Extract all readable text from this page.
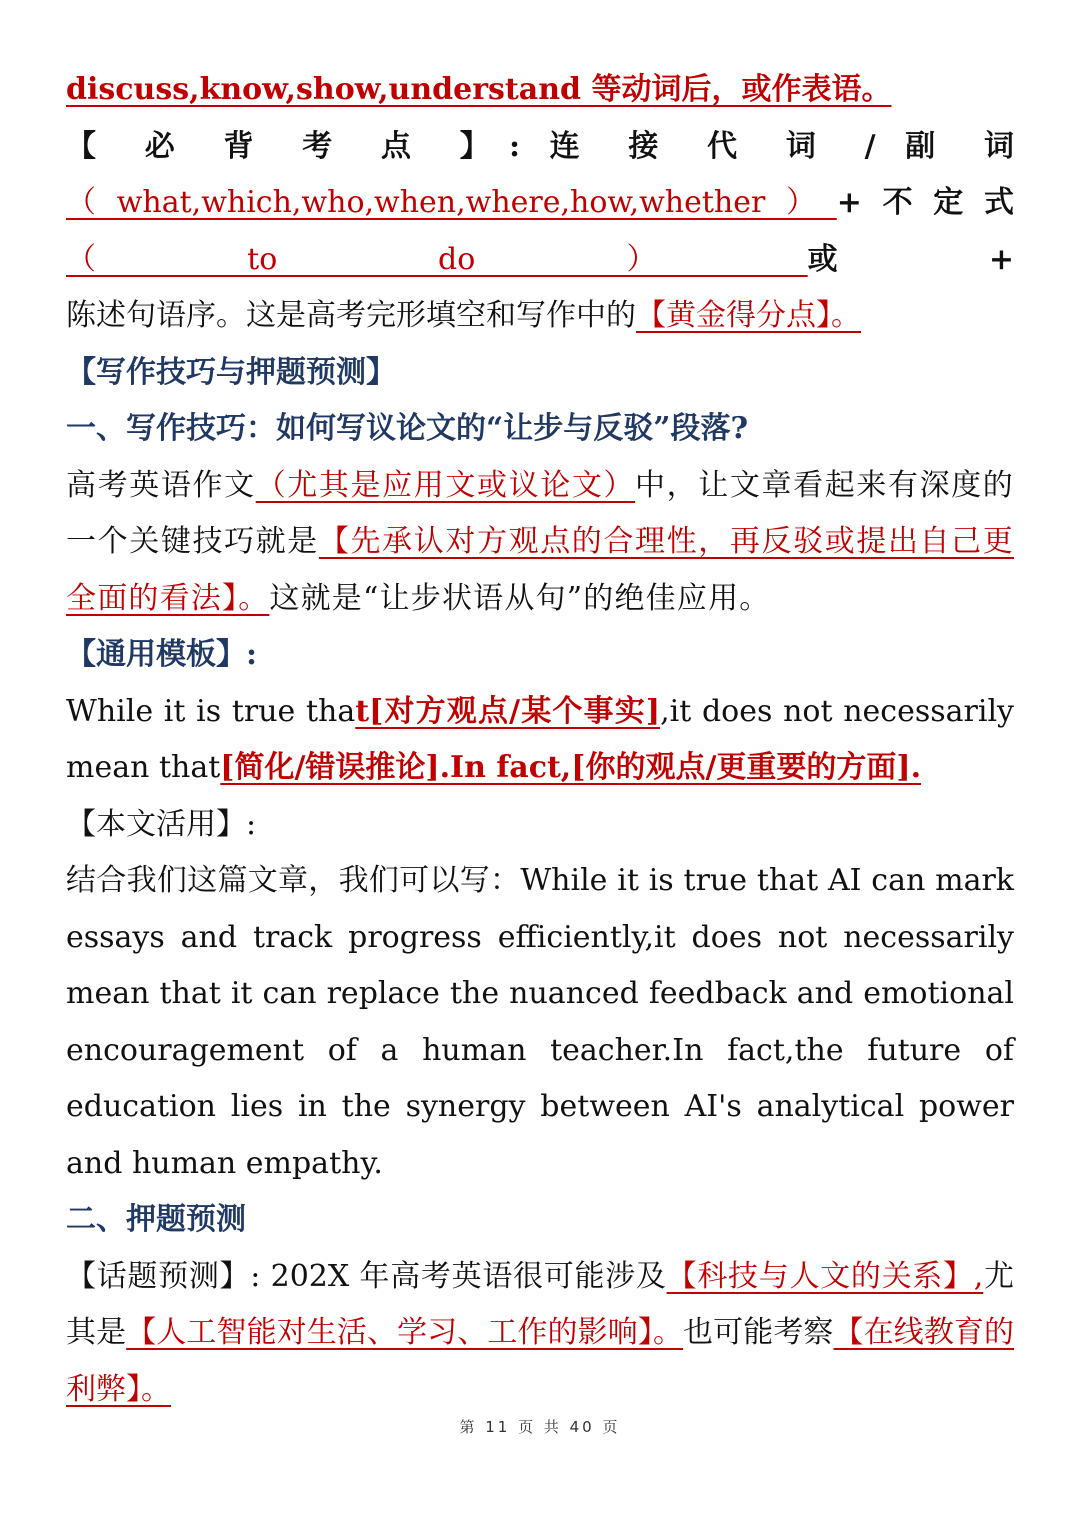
discuss,know,show,understand 等动词后，或作表语。

【 必 背 考 点 】: 连 接 代 词 / 副 词

（what,which,who,when,where,how,whether）+不定式（to do）或+

陈述句语序。这是高考完形填空和写作中的【黄金得分点】。

【写作技巧与押题预测】

一、写作技巧：如何写议论文的“让步与反驳”段落?

高考英语作文（尤其是应用文或议论文）中，让文章看起来有深度的一个关键技巧就是【先承认对方观点的合理性，再反驳或提出自己更全面的看法】。这就是“让步状语从句”的绝佳应用。

【通用模板】:

While it is true that[对方观点/某个事实],it does not necessarily mean that[简化/错误推论].In fact,[你的观点/更重要的方面].

【本文活用】:

结合我们这篇文章，我们可以写：While it is true that AI can mark essays and track progress efficiently,it does not necessarily mean that it can replace the nuanced feedback and emotional encouragement of a human teacher.In fact,the future of education lies in the synergy between AI's analytical power and human empathy.

二、押题预测

【话题预测】: 202X 年高考英语很可能涉及【科技与人文的关系】,尤其是【人工智能对生活、学习、工作的影响】。也可能考察【在线教育的利弊】。

第 11 页 共 40 页
